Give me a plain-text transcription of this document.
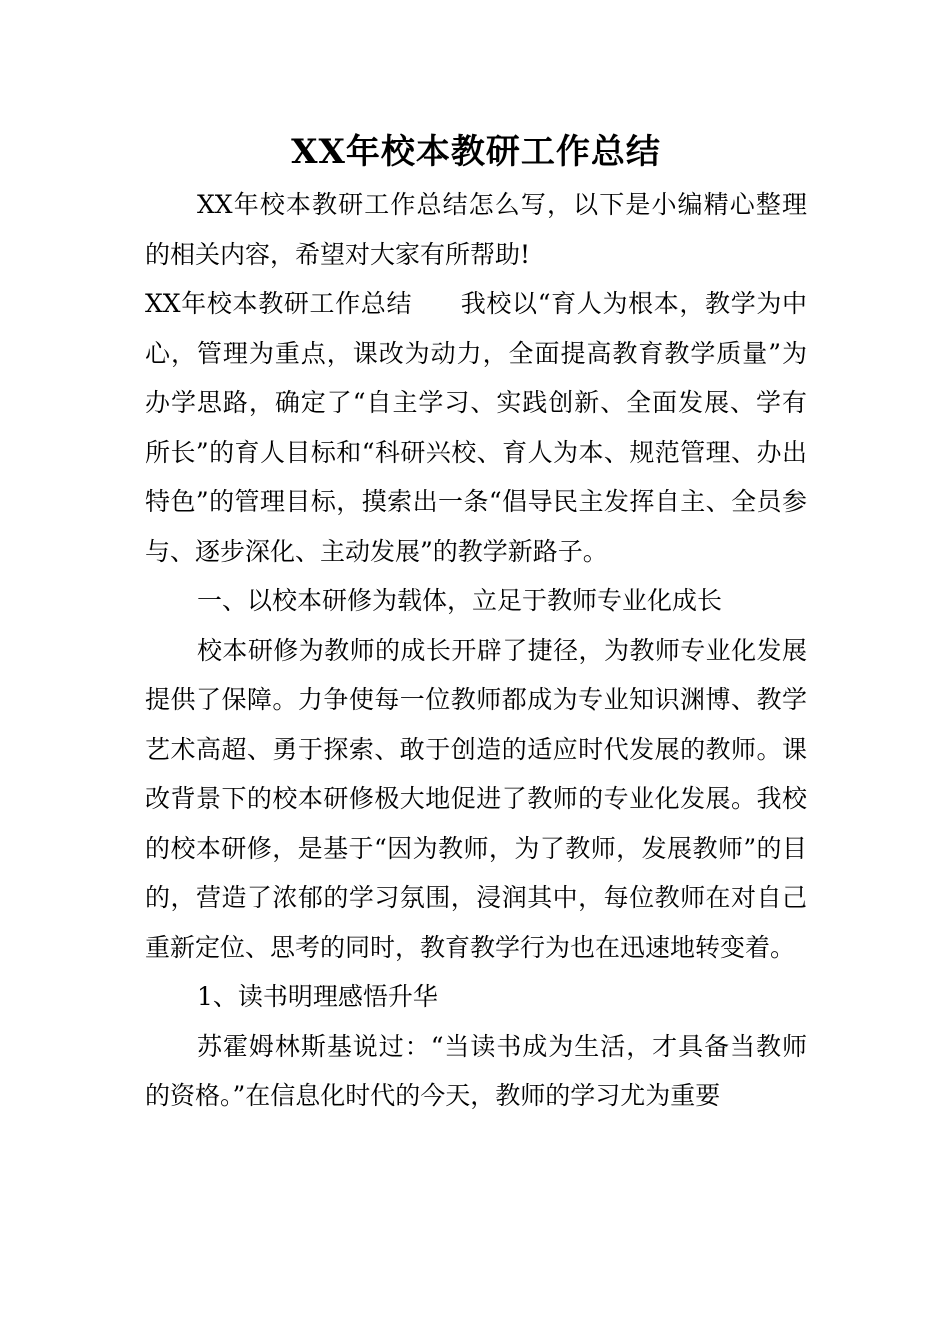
XX年校本教研工作总结

XX年校本教研工作总结怎么写，以下是小编精心整理的相关内容，希望对大家有所帮助!

XX年校本教研工作总结 我校以“育人为根本，教学为中心，管理为重点，课改为动力，全面提高教育教学质量”为办学思路，确定了“自主学习、实践创新、全面发展、学有所长”的育人目标和“科研兴校、育人为本、规范管理、办出特色”的管理目标，摸索出一条“倡导民主发挥自主、全员参与、逐步深化、主动发展”的教学新路子。

一、以校本研修为载体，立足于教师专业化成长

校本研修为教师的成长开辟了捷径，为教师专业化发展提供了保障。力争使每一位教师都成为专业知识渊博、教学艺术高超、勇于探索、敢于创造的适应时代发展的教师。课改背景下的校本研修极大地促进了教师的专业化发展。我校的校本研修，是基于“因为教师，为了教师，发展教师”的目的，营造了浓郁的学习氛围，浸润其中，每位教师在对自己重新定位、思考的同时，教育教学行为也在迅速地转变着。

1、读书明理感悟升华

苏霍姆林斯基说过：“当读书成为生活，才具备当教师的资格。”在信息化时代的今天，教师的学习尤为重要
